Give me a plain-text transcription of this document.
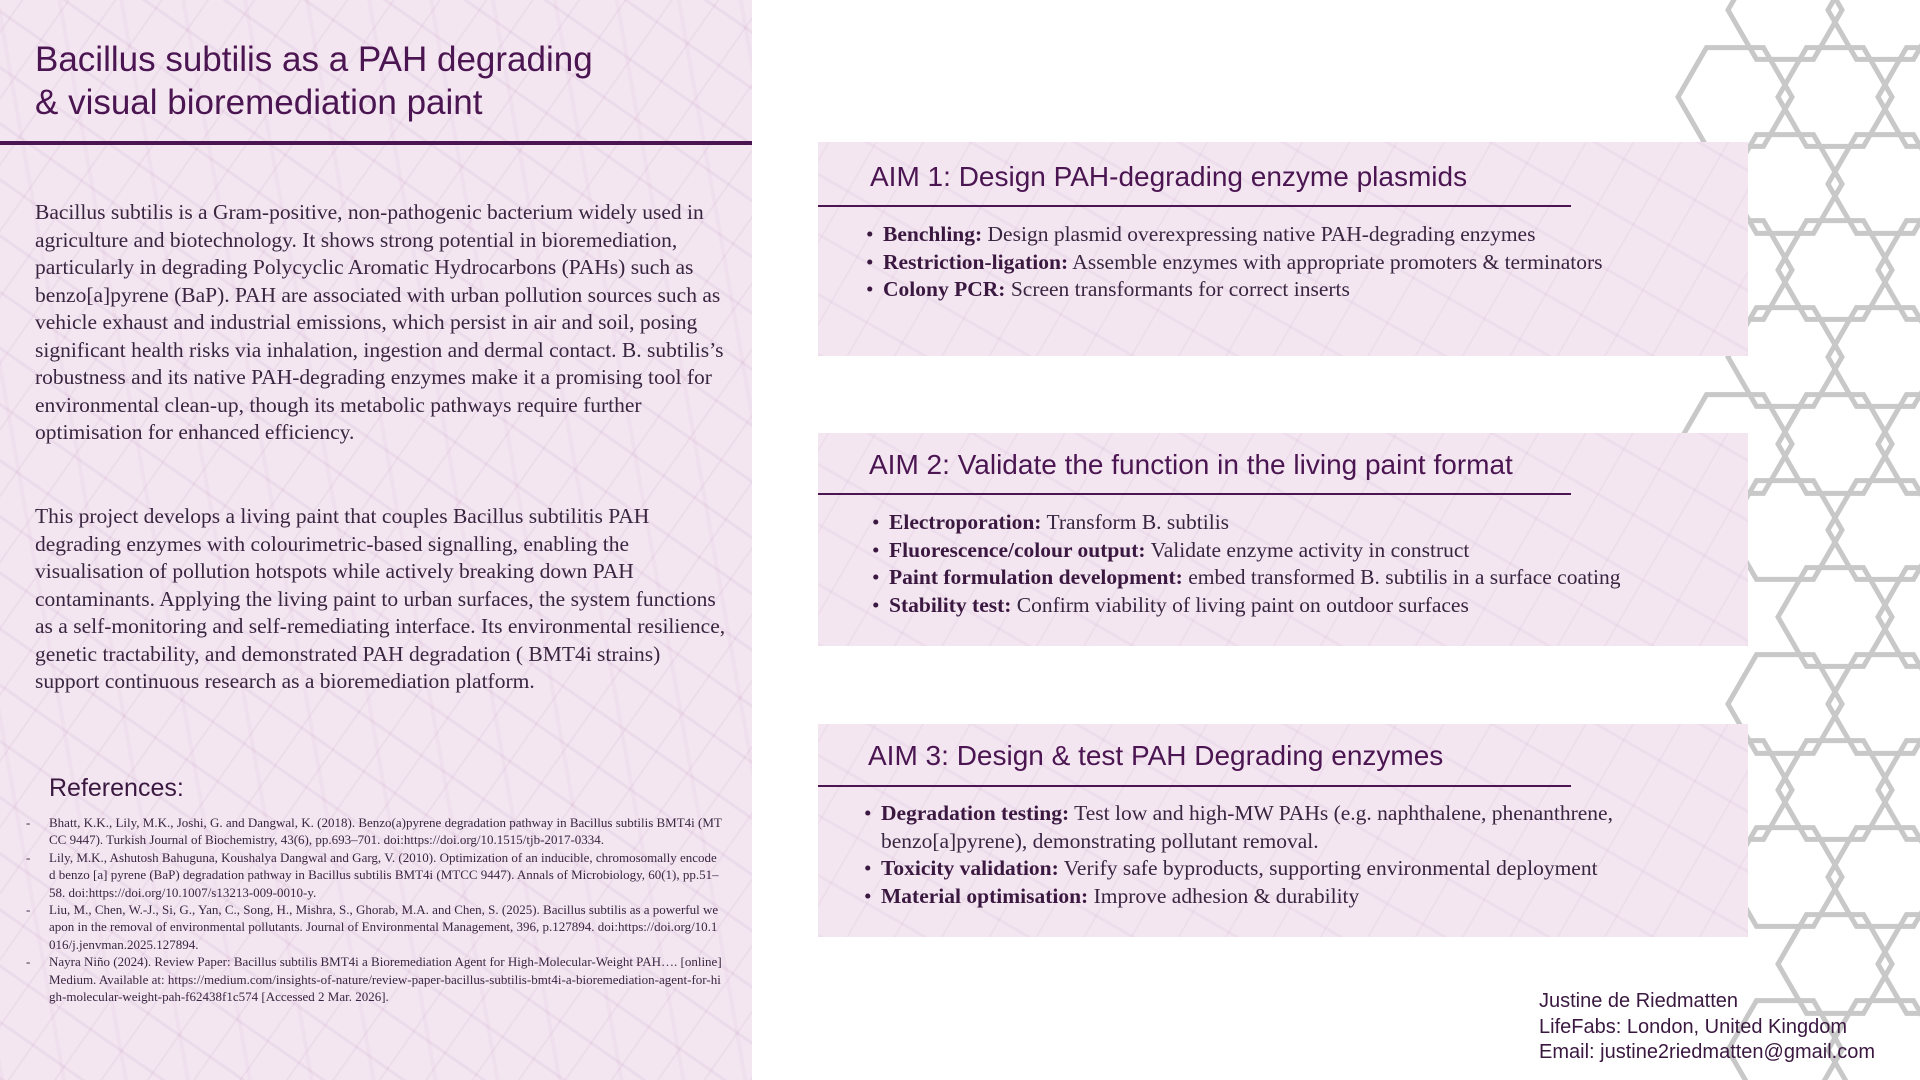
Bacillus subtilis as a PAH degrading
& visual bioremediation paint

Bacillus subtilis is a Gram-positive, non-pathogenic bacterium widely used in agriculture and biotechnology. It shows strong potential in bioremediation, particularly in degrading Polycyclic Aromatic Hydrocarbons (PAHs) such as benzo[a]pyrene (BaP). PAH are associated with urban pollution sources such as vehicle exhaust and industrial emissions, which persist in air and soil, posing significant health risks via inhalation, ingestion and dermal contact. B. subtilis’s robustness and its native PAH-degrading enzymes make it a promising tool for environmental clean-up, though its metabolic pathways require further optimisation for enhanced efficiency.

This project develops a living paint that couples Bacillus subtilitis PAH degrading enzymes with colourimetric-based signalling, enabling the visualisation of pollution hotspots while actively breaking down PAH contaminants. Applying the living paint to urban surfaces, the system functions as a self-monitoring and self-remediating interface. Its environmental resilience, genetic tractability, and demonstrated PAH degradation ( BMT4i strains) support continuous research as a bioremediation platform.

References:
- Bhatt, K.K., Lily, M.K., Joshi, G. and Dangwal, K. (2018). Benzo(a)pyrene degradation pathway in Bacillus subtilis BMT4i (MTCC 9447). Turkish Journal of Biochemistry, 43(6), pp.693–701. doi:https://doi.org/10.1515/tjb-2017-0334.
- Lily, M.K., Ashutosh Bahuguna, Koushalya Dangwal and Garg, V. (2010). Optimization of an inducible, chromosomally encoded benzo [a] pyrene (BaP) degradation pathway in Bacillus subtilis BMT4i (MTCC 9447). Annals of Microbiology, 60(1), pp.51–58. doi:https://doi.org/10.1007/s13213-009-0010-y.
- Liu, M., Chen, W.-J., Si, G., Yan, C., Song, H., Mishra, S., Ghorab, M.A. and Chen, S. (2025). Bacillus subtilis as a powerful weapon in the removal of environmental pollutants. Journal of Environmental Management, 396, p.127894. doi:https://doi.org/10.1016/j.jenvman.2025.127894.
- Nayra Niño (2024). Review Paper: Bacillus subtilis BMT4i a Bioremediation Agent for High-Molecular-Weight PAH…. [online] Medium. Available at: https://medium.com/insights-of-nature/review-paper-bacillus-subtilis-bmt4i-a-bioremediation-agent-for-high-molecular-weight-pah-f62438f1c574 [Accessed 2 Mar. 2026].
AIM 1: Design PAH-degrading enzyme plasmids
• Benchling: Design plasmid overexpressing native PAH-degrading enzymes
• Restriction-ligation: Assemble enzymes with appropriate promoters & terminators
• Colony PCR: Screen transformants for correct inserts
AIM 2: Validate the function in the living paint format
• Electroporation: Transform B. subtilis
• Fluorescence/colour output: Validate enzyme activity in construct
• Paint formulation development: embed transformed B. subtilis in a surface coating
• Stability test: Confirm viability of living paint on outdoor surfaces
AIM 3: Design & test PAH Degrading enzymes
• Degradation testing: Test low and high-MW PAHs (e.g. naphthalene, phenanthrene, benzo[a]pyrene), demonstrating pollutant removal.
• Toxicity validation: Verify safe byproducts, supporting environmental deployment
• Material optimisation: Improve adhesion & durability
Justine de Riedmatten
LifeFabs: London, United Kingdom
Email: justine2riedmatten@gmail.com
